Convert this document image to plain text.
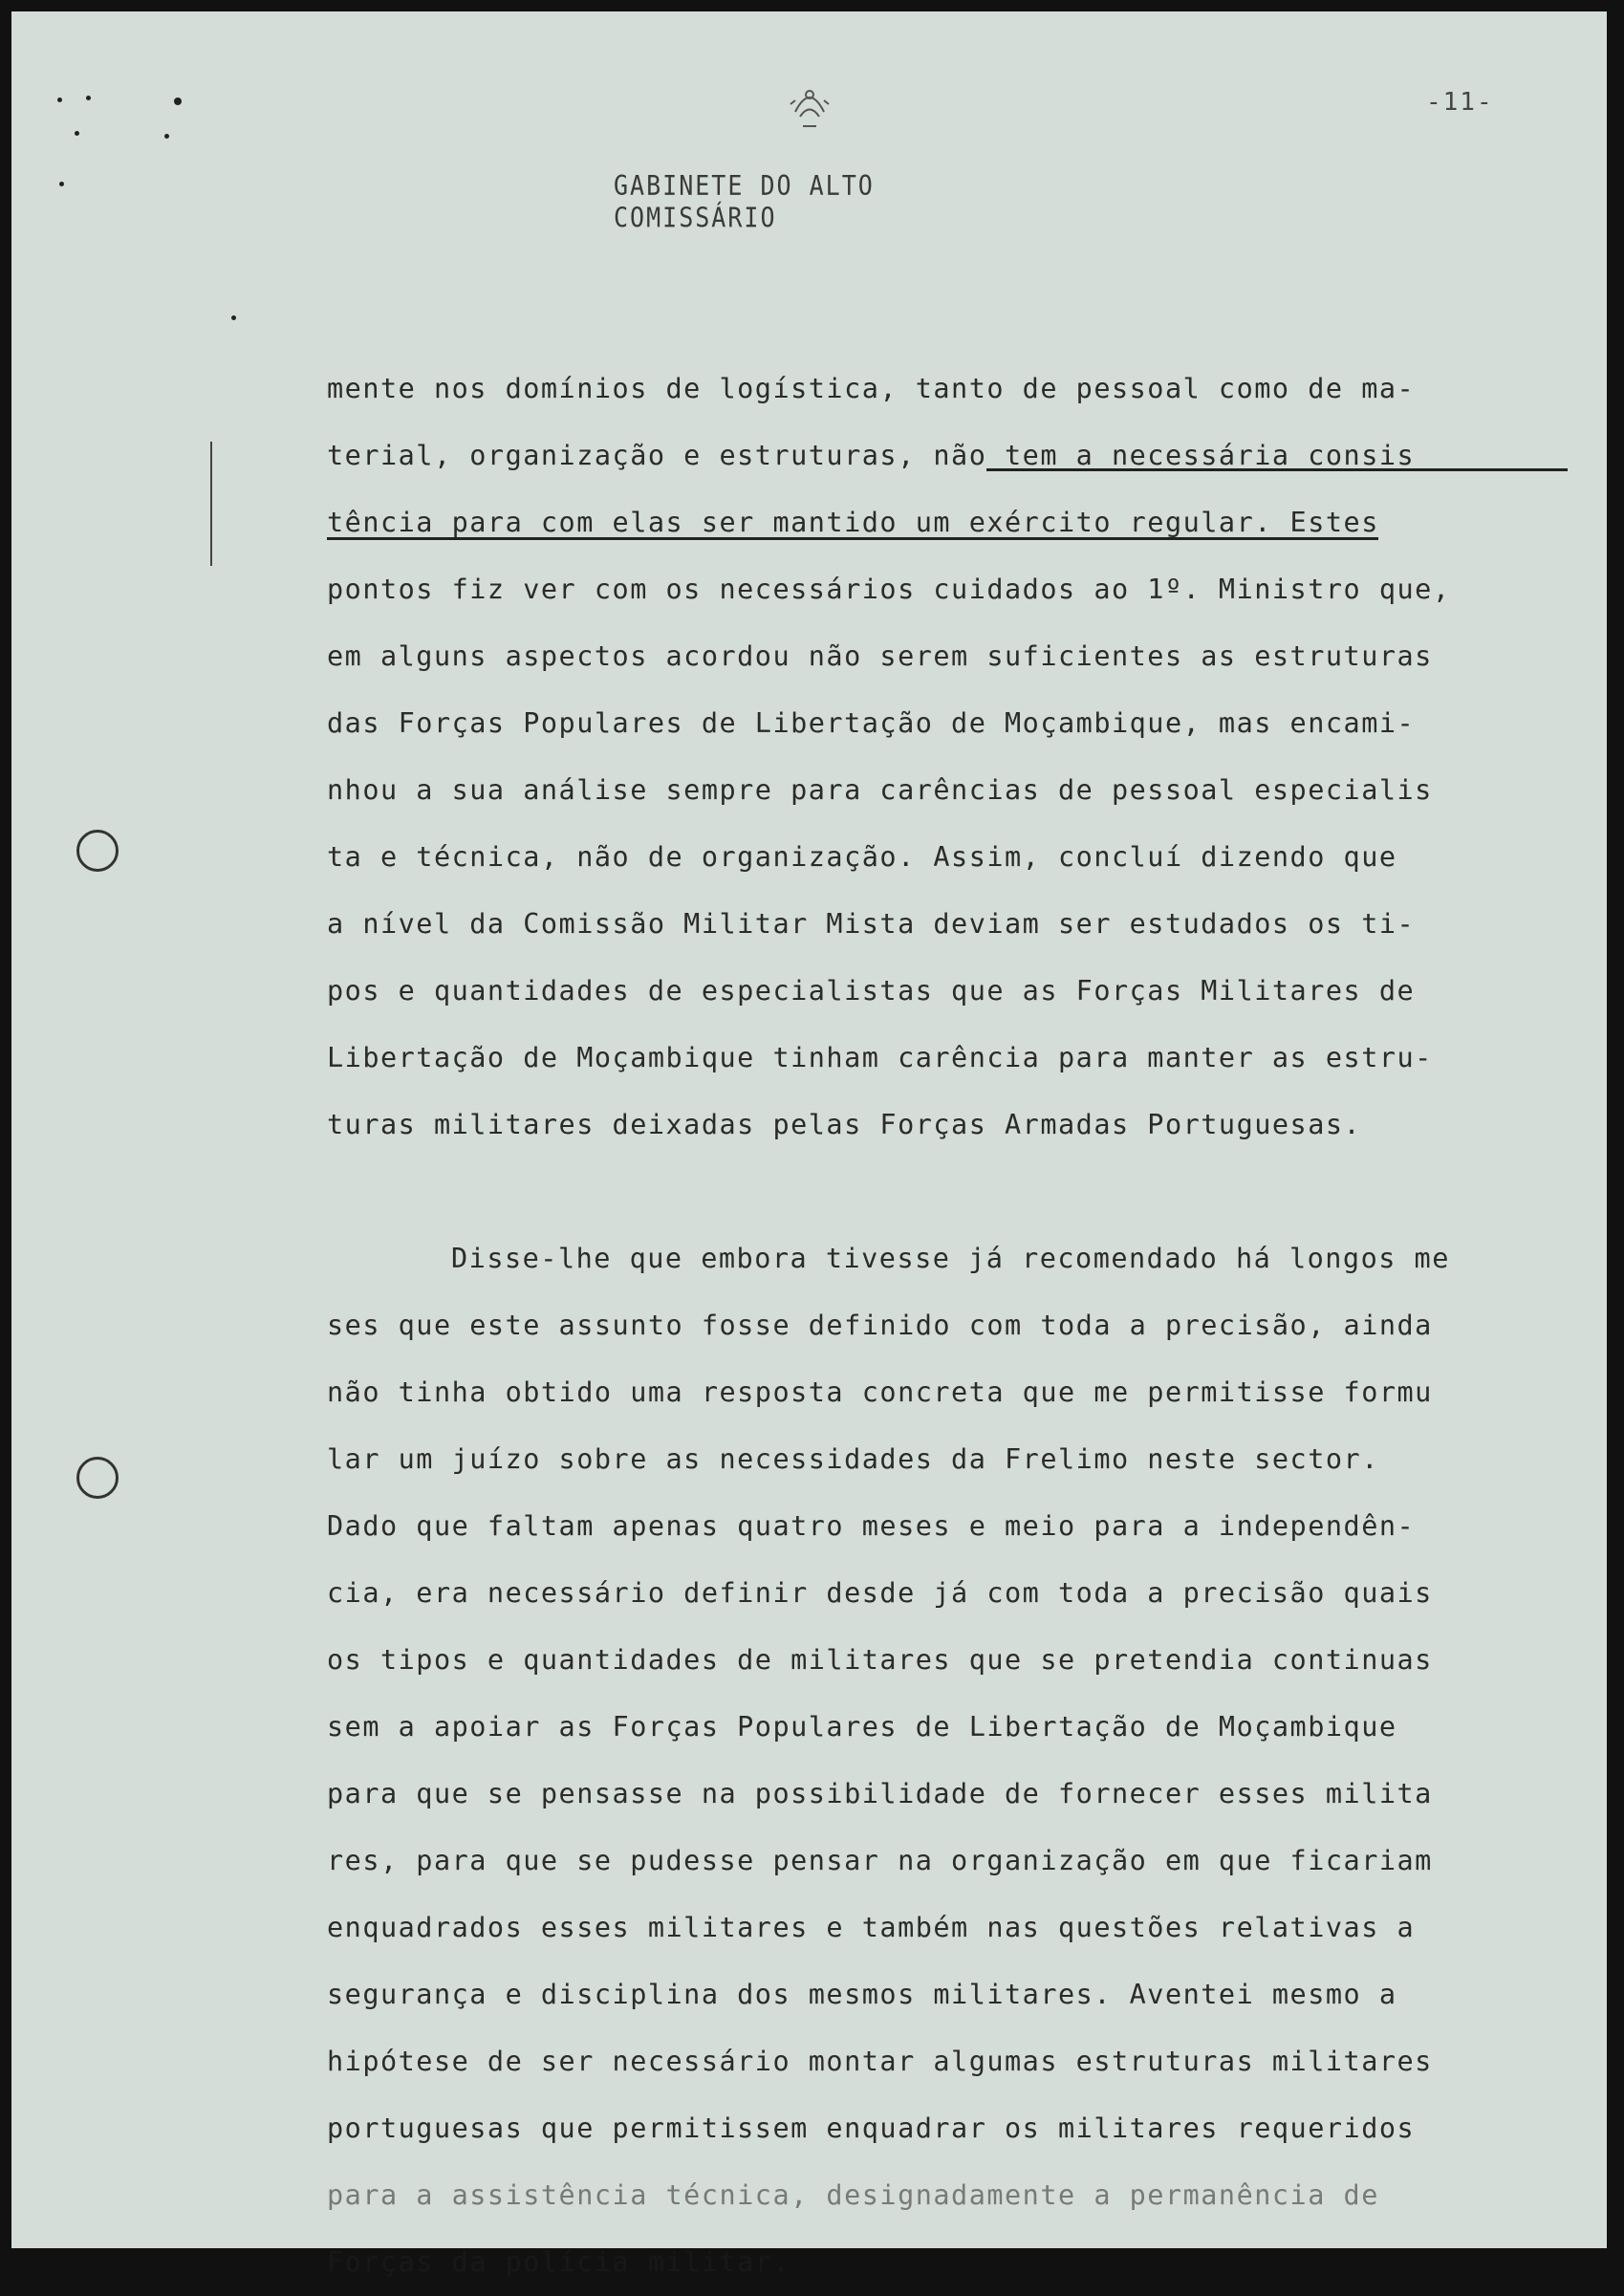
-11-
GABINETE DO ALTO COMISSÁRIO
mente nos domínios de logística, tanto de pessoal como de ma-
terial, organização e estruturas, não tem a necessária consis
tência para com elas ser mantido um exército regular. Estes
pontos fiz ver com os necessários cuidados ao 1º. Ministro que,
em alguns aspectos acordou não serem suficientes as estruturas
das Forças Populares de Libertação de Moçambique, mas encami-
nhou a sua análise sempre para carências de pessoal especialis
ta e técnica, não de organização. Assim, concluí dizendo que
a nível da Comissão Militar Mista deviam ser estudados os ti-
pos e quantidades de especialistas que as Forças Militares de
Libertação de Moçambique tinham carência para manter as estru-
turas militares deixadas pelas Forças Armadas Portuguesas.
Disse-lhe que embora tivesse já recomendado há longos me
ses que este assunto fosse definido com toda a precisão, ainda
não tinha obtido uma resposta concreta que me permitisse formu
lar um juízo sobre as necessidades da Frelimo neste sector.
Dado que faltam apenas quatro meses e meio para a independên-
cia, era necessário definir desde já com toda a precisão quais
os tipos e quantidades de militares que se pretendia continuas
sem a apoiar as Forças Populares de Libertação de Moçambique
para que se pensasse na possibilidade de fornecer esses milita
res, para que se pudesse pensar na organização em que ficariam
enquadrados esses militares e também nas questões relativas a
segurança e disciplina dos mesmos militares. Aventei mesmo a
hipótese de ser necessário montar algumas estruturas militares
portuguesas que permitissem enquadrar os militares requeridos
para a assistência técnica, designadamente a permanência de
Forças da polícia militar.
